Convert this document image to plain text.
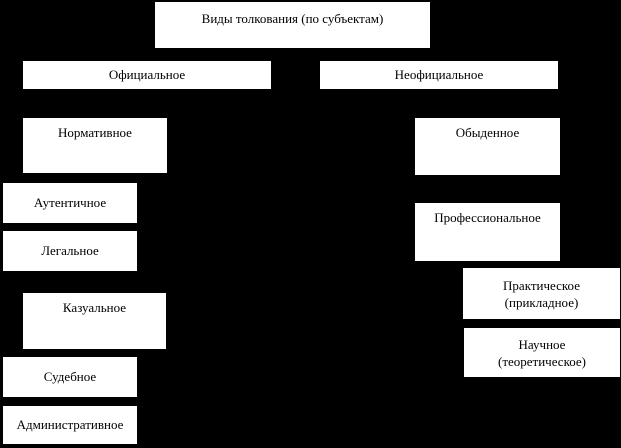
Виды толкования (по субъектам)
Официальное	Неофициальное
Нормативное
Аутентичное
Легальное
Казуальное
Судебное
Административное
Обыденное
Профессиональное
Практическое
(прикладное)
Научное
(теоретическое)
